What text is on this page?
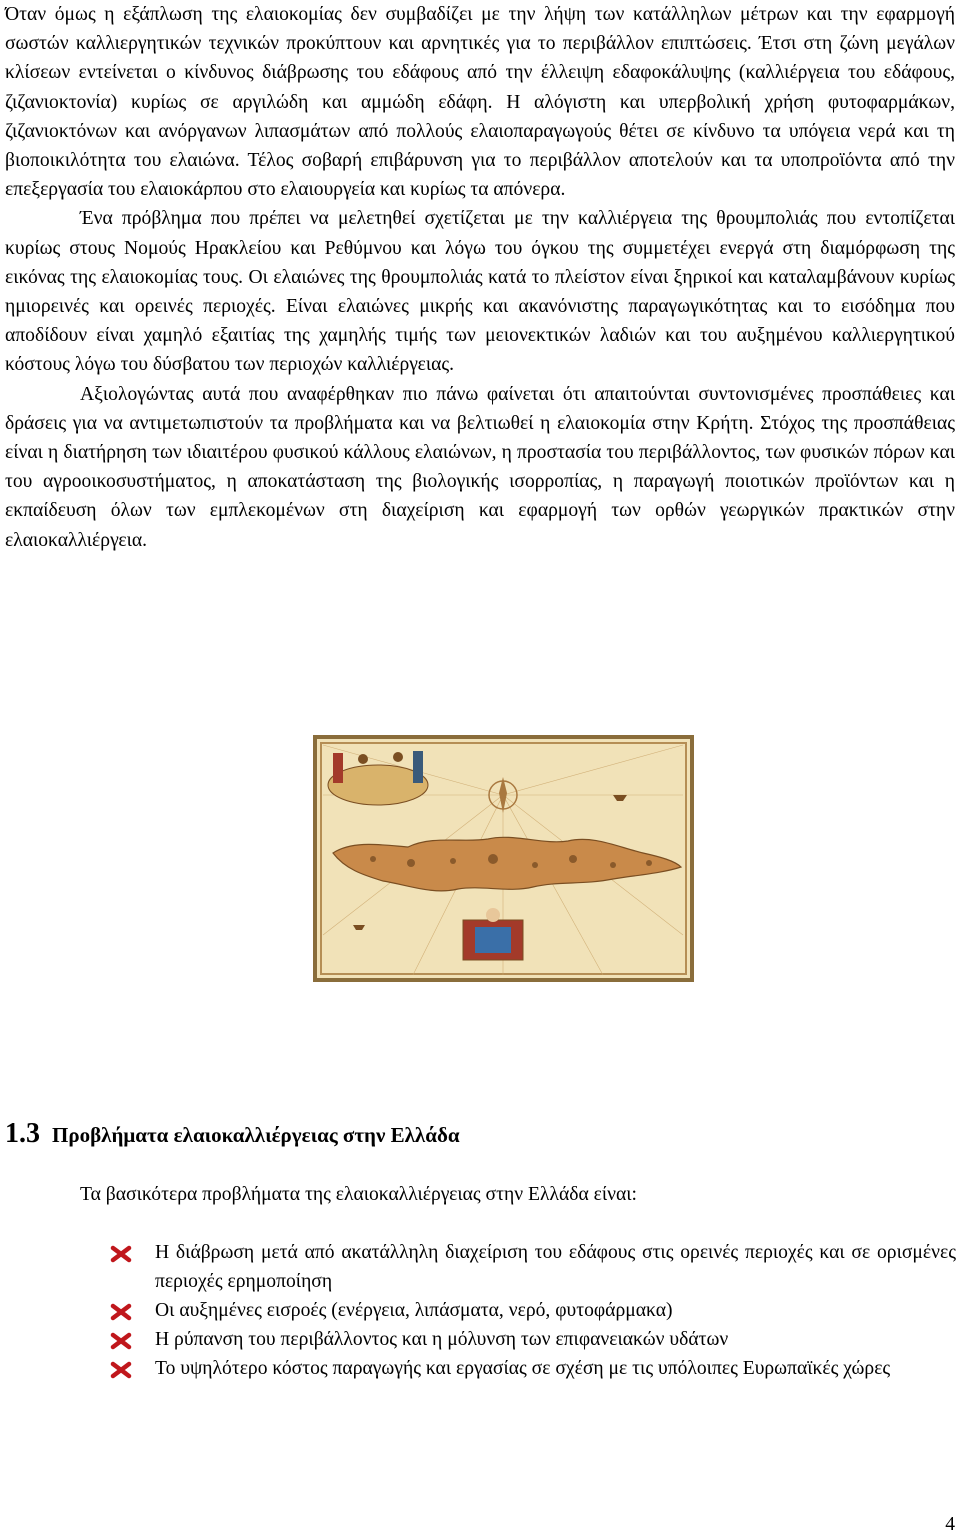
Όταν όμως η εξάπλωση της ελαιοκομίας δεν συμβαδίζει με την λήψη των κατάλληλων μέτρων και την εφαρμογή σωστών καλλιεργητικών τεχνικών προκύπτουν και αρνητικές για το περιβάλλον επιπτώσεις. Έτσι στη ζώνη μεγάλων κλίσεων εντείνεται ο κίνδυνος διάβρωσης του εδάφους από την έλλειψη εδαφοκάλυψης (καλλιέργεια του εδάφους, ζιζανιοκτονία) κυρίως σε αργιλώδη και αμμώδη εδάφη. Η αλόγιστη και υπερβολική χρήση φυτοφαρμάκων, ζιζανιοκτόνων και ανόργανων λιπασμάτων από πολλούς ελαιοπαραγωγούς θέτει σε κίνδυνο τα υπόγεια νερά και τη βιοποικιλότητα του ελαιώνα. Τέλος σοβαρή επιβάρυνση για το περιβάλλον αποτελούν και τα υποπροϊόντα από την επεξεργασία του ελαιοκάρπου στο ελαιουργεία και κυρίως τα απόνερα.

Ένα πρόβλημα που πρέπει να μελετηθεί σχετίζεται με την καλλιέργεια της θρουμπολιάς που εντοπίζεται κυρίως στους Νομούς Ηρακλείου και Ρεθύμνου και λόγω του όγκου της συμμετέχει ενεργά στη διαμόρφωση της εικόνας της ελαιοκομίας τους. Οι ελαιώνες της θρουμπολιάς κατά το πλείστον είναι ξηρικοί και καταλαμβάνουν κυρίως ημιορεινές και ορεινές περιοχές. Είναι ελαιώνες μικρής και ακανόνιστης παραγωγικότητας και το εισόδημα που αποδίδουν είναι χαμηλό εξαιτίας της χαμηλής τιμής των μειονεκτικών λαδιών και του αυξημένου καλλιεργητικού κόστους λόγω του δύσβατου των περιοχών καλλιέργειας.

Αξιολογώντας αυτά που αναφέρθηκαν πιο πάνω φαίνεται ότι απαιτούνται συντονισμένες προσπάθειες και δράσεις για να αντιμετωπιστούν τα προβλήματα και να βελτιωθεί η ελαιοκομία στην Κρήτη. Στόχος της προσπάθειας είναι η διατήρηση των ιδιαιτέρου φυσικού κάλλους ελαιώνων, η προστασία του περιβάλλοντος, των φυσικών πόρων και του αγροοικοσυστήματος, η αποκατάσταση της βιολογικής ισορροπίας, η παραγωγή ποιοτικών προϊόντων και η εκπαίδευση όλων των εμπλεκομένων στη διαχείριση και εφαρμογή των ορθών γεωργικών πρακτικών στην ελαιοκαλλιέργεια.

1.3 Προβλήματα ελαιοκαλλιέργειας στην Ελλάδα
Τα βασικότερα προβλήματα της ελαιοκαλλιέργειας στην Ελλάδα είναι:
Η διάβρωση μετά από ακατάλληλη διαχείριση του εδάφους στις ορεινές περιοχές και σε ορισμένες περιοχές ερημοποίηση
Οι αυξημένες εισροές (ενέργεια, λιπάσματα, νερό, φυτοφάρμακα)
Η ρύπανση του περιβάλλοντος και η μόλυνση των επιφανειακών υδάτων
Το υψηλότερο κόστος παραγωγής και εργασίας σε σχέση με τις υπόλοιπες Ευρωπαϊκές χώρες
4
